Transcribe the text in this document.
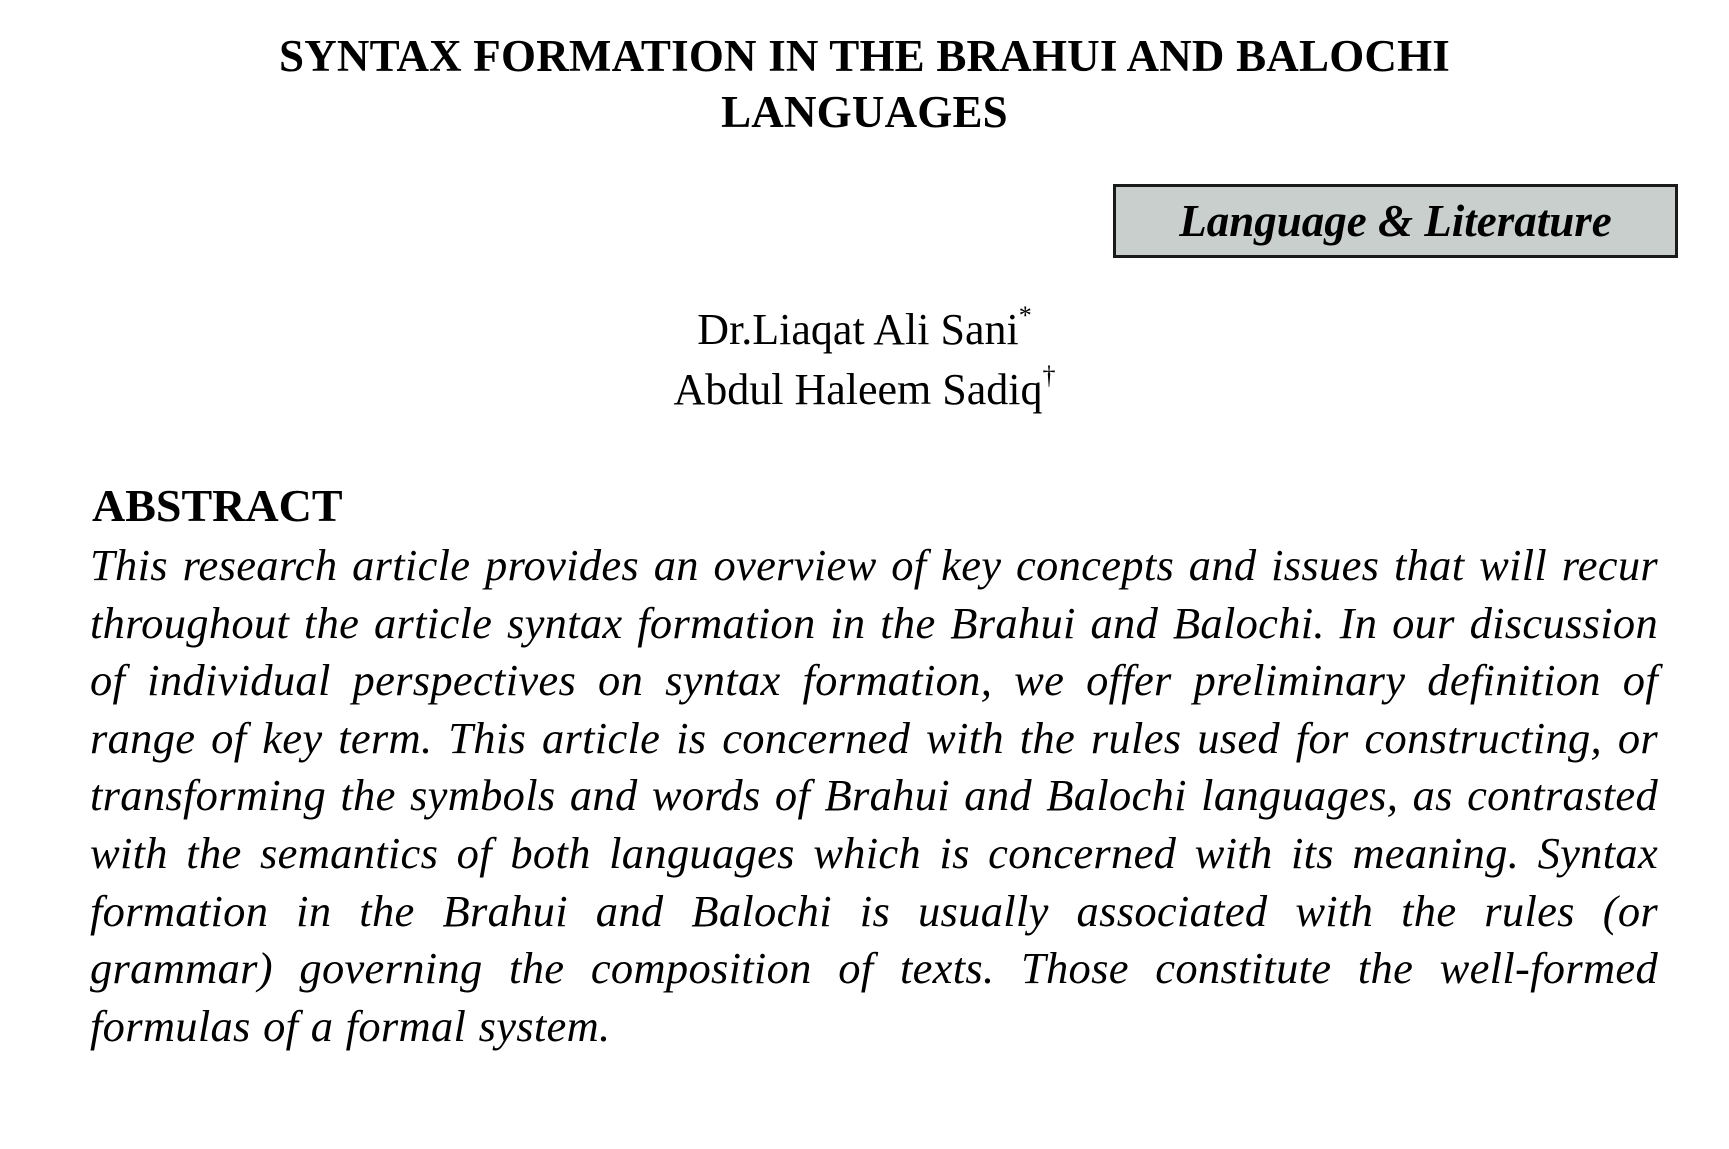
SYNTAX FORMATION IN THE BRAHUI AND BALOCHI
LANGUAGES
Language & Literature
Dr.Liaqat Ali Sani*
Abdul Haleem Sadiq†
ABSTRACT

This research article provides an overview of key concepts and issues that will recur throughout the article syntax formation in the Brahui and Balochi. In our discussion of individual perspectives on syntax formation, we offer preliminary definition of range of key term. This article is concerned with the rules used for constructing, or transforming the symbols and words of Brahui and Balochi languages, as contrasted with the semantics of both languages which is concerned with its meaning. Syntax formation in the Brahui and Balochi is usually associated with the rules (or grammar) governing the composition of texts. Those constitute the well-formed formulas of a formal system.
